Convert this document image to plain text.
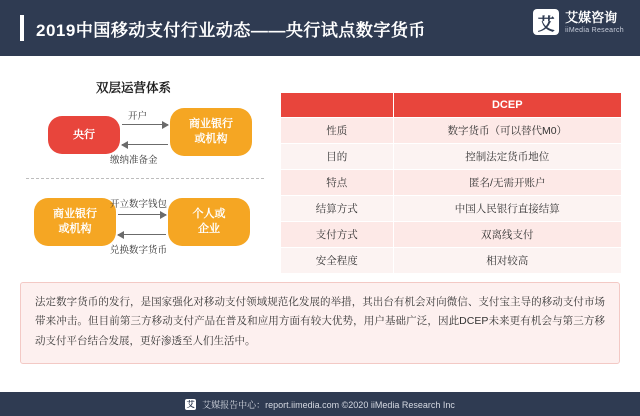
2019中国移动支付行业动态——央行试点数字货币	艾 艾媒咨询
iiMedia Research
双层运营体系
央行
商业银行
或机构
商业银行
或机构
个人或
企业
开户
缴纳准备金
开立数字钱包
兑换数字货币
	DCEP
性质	数字货币（可以替代M0）
目的	控制法定货币地位
特点	匿名/无需开账户
结算方式	中国人民银行直接结算
支付方式	双离线支付
安全程度	相对较高
法定数字货币的发行，是国家强化对移动支付领域规范化发展的举措，其出台有机会对向微信、支付宝主导的移动支付市场带来冲击。但目前第三方移动支付产品在普及和应用方面有较大优势，用户基础广泛，因此DCEP未来更有机会与第三方移动支付平台结合发展，更好渗透至人们生活中。
艾 艾媒报告中心：report.iimedia.com ©2020 iiMedia Research Inc
